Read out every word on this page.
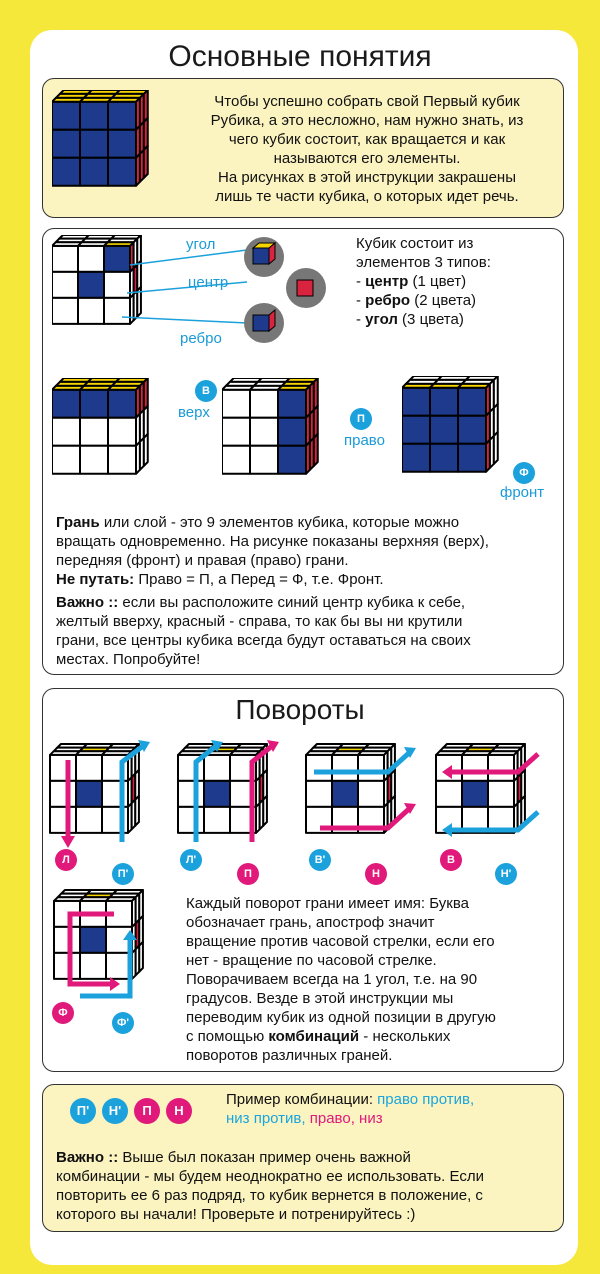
Основные понятия
Чтобы успешно собрать свой Первый кубик
Рубика, а это несложно, нам нужно знать, из
чего кубик состоит, как вращается и как
называются его элементы.
На рисунках в этой инструкции закрашены
лишь те части кубика, о которых идет речь.
угол
центр
ребро
Кубик состоит из
элементов 3 типов:
- центр (1 цвет)
- ребро (2 цвета)
- угол (3 цвета)
В
верх	П
право
Ф
фронт
Грань или слой - это 9 элементов кубика, которые можно
вращать одновременно. На рисунке показаны верхняя (верх),
передняя (фронт) и правая (право) грани.
Не путать: Право = П, а Перед = Ф, т.е. Фронт.
Важно :: если вы расположите синий центр кубика к себе,
желтый вверху, красный - справа, то как бы вы ни крутили
грани, все центры кубика всегда будут оставаться на своих
местах. Попробуйте!
Повороты
Л
П'
Л'
П
В'
Н
В
Н'
Ф
Ф'
Каждый поворот грани имеет имя: Буква
обозначает грань, апостроф значит
вращение против часовой стрелки, если его
нет - вращение по часовой стрелке.
Поворачиваем всегда на 1 угол, т.е. на 90
градусов. Везде в этой инструкции мы
переводим кубик из одной позиции в другую
с помощью комбинаций - нескольких
поворотов различных граней.
П'	Н'	П	Н
Пример комбинации: право против,
низ против, право, низ
Важно :: Выше был показан пример очень важной
комбинации - мы будем неоднократно ее использовать. Если
повторить ее 6 раз подряд, то кубик вернется в положение, с
которого вы начали! Проверьте и потренируйтесь :)
